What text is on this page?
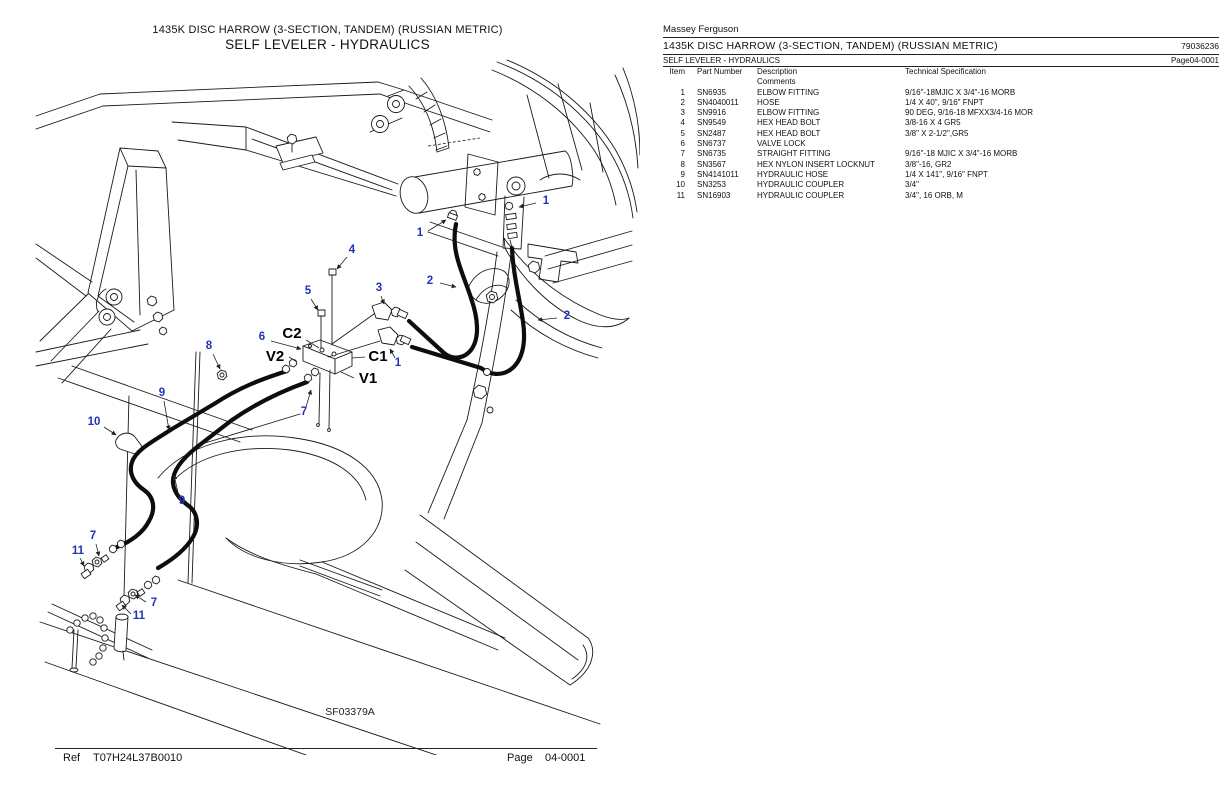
1435K DISC HARROW (3-SECTION, TANDEM) (RUSSIAN METRIC)
SELF LEVELER - HYDRAULICS
1
1
2
2
4
5	3
6
8
1
7
9
10
9
7
11
7
11
C2
V2	C1
V1
SF03379A
Ref T07H24L37B0010	Page 04-0001
Massey Ferguson
1435K DISC HARROW (3-SECTION, TANDEM) (RUSSIAN METRIC)	79036236
SELF LEVELER - HYDRAULICS	Page04-0001
Item Part Number	Description	Technical Specification
Comments
1 SN6935	ELBOW FITTING	9/16"-18MJIC X 3/4"-16 MORB
2 SN4040011	HOSE	1/4 X 40", 9/16" FNPT
3 SN9916	ELBOW FITTING	90 DEG, 9/16-18 MFXX3/4-16 MOR
4 SN9549	HEX HEAD BOLT	3/8-16 X 4 GR5
5 SN2487	HEX HEAD BOLT	3/8" X 2-1/2",GR5
6 SN6737	VALVE LOCK
7 SN6735	STRAIGHT FITTING	9/16"-18 MJIC X 3/4"-16 MORB
8 SN3567	HEX NYLON INSERT LOCKNUT	3/8"-16, GR2
9 SN4141011	HYDRAULIC HOSE	1/4 X 141", 9/16" FNPT
10 SN3253	HYDRAULIC COUPLER	3/4"
11 SN16903	HYDRAULIC COUPLER	3/4", 16 ORB, M
